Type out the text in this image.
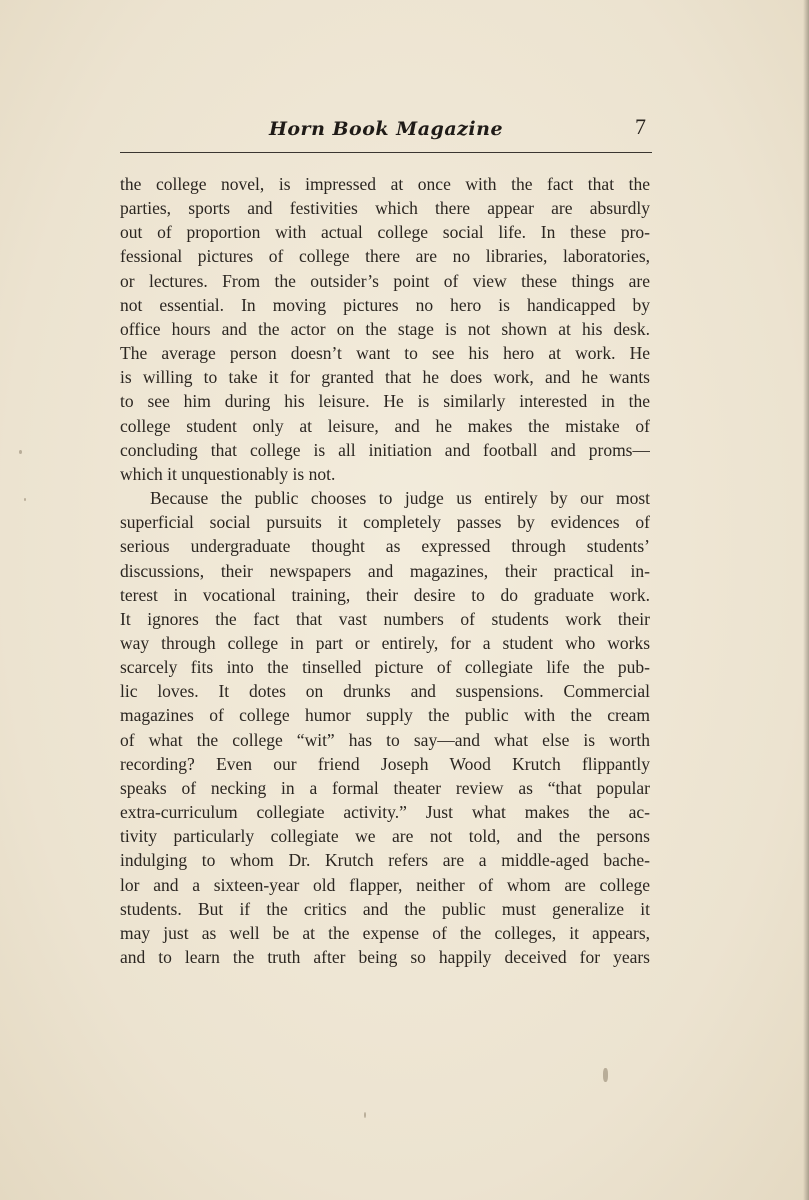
Horn Book Magazine	7

the college novel, is impressed at once with the fact that the
parties, sports and festivities which there appear are absurdly
out of proportion with actual college social life. In these pro-
fessional pictures of college there are no libraries, laboratories,
or lectures. From the outsider’s point of view these things are
not essential. In moving pictures no hero is handicapped by
office hours and the actor on the stage is not shown at his desk.
The average person doesn’t want to see his hero at work. He
is willing to take it for granted that he does work, and he wants
to see him during his leisure. He is similarly interested in the
college student only at leisure, and he makes the mistake of
concluding that college is all initiation and football and proms—
which it unquestionably is not.

Because the public chooses to judge us entirely by our most
superficial social pursuits it completely passes by evidences of
serious undergraduate thought as expressed through students’
discussions, their newspapers and magazines, their practical in-
terest in vocational training, their desire to do graduate work.
It ignores the fact that vast numbers of students work their
way through college in part or entirely, for a student who works
scarcely fits into the tinselled picture of collegiate life the pub-
lic loves. It dotes on drunks and suspensions. Commercial
magazines of college humor supply the public with the cream
of what the college “wit” has to say—and what else is worth
recording? Even our friend Joseph Wood Krutch flippantly
speaks of necking in a formal theater review as “that popular
extra-curriculum collegiate activity.” Just what makes the ac-
tivity particularly collegiate we are not told, and the persons
indulging to whom Dr. Krutch refers are a middle-aged bache-
lor and a sixteen-year old flapper, neither of whom are college
students. But if the critics and the public must generalize it
may just as well be at the expense of the colleges, it appears,
and to learn the truth after being so happily deceived for years
